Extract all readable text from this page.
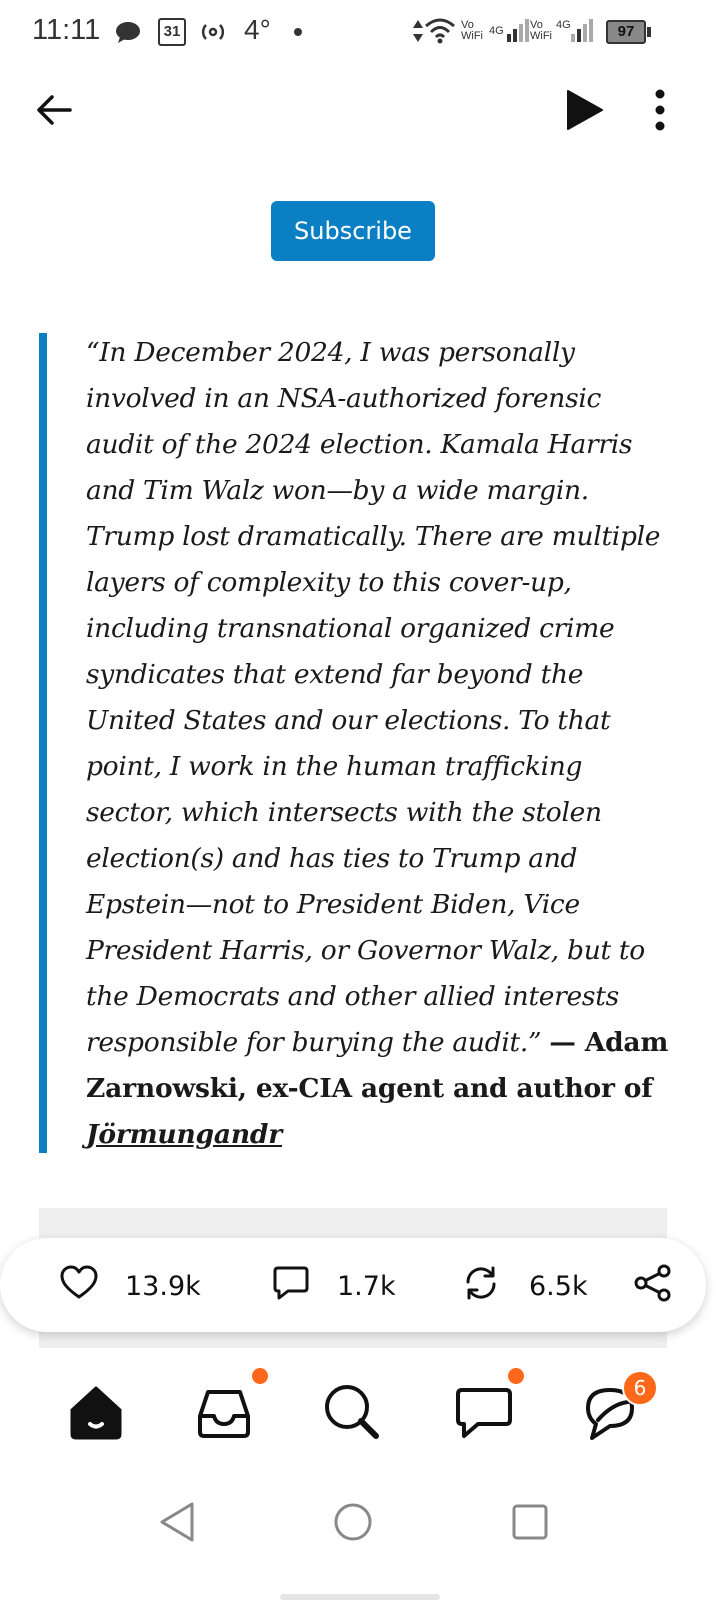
11:11	31 4°	Vo WiFi 4G Vo WiFi
4G	97
Subscribe

“In December 2024, I was personally involved in an NSA-authorized forensic audit of the 2024 election. Kamala Harris and Tim Walz won—by a wide margin. Trump lost dramatically. There are multiple layers of complexity to this cover-up, including transnational organized crime syndicates that extend far beyond the United States and our elections. To that point, I work in the human trafficking sector, which intersects with the stolen election(s) and has ties to Trump and Epstein—not to President Biden, Vice President Harris, or Governor Walz, but to the Democrats and other allied interests responsible for burying the audit.” — Adam Zarnowski, ex-CIA agent and author of Jörmungandr

13.9k	1.7k	6.5k
6
